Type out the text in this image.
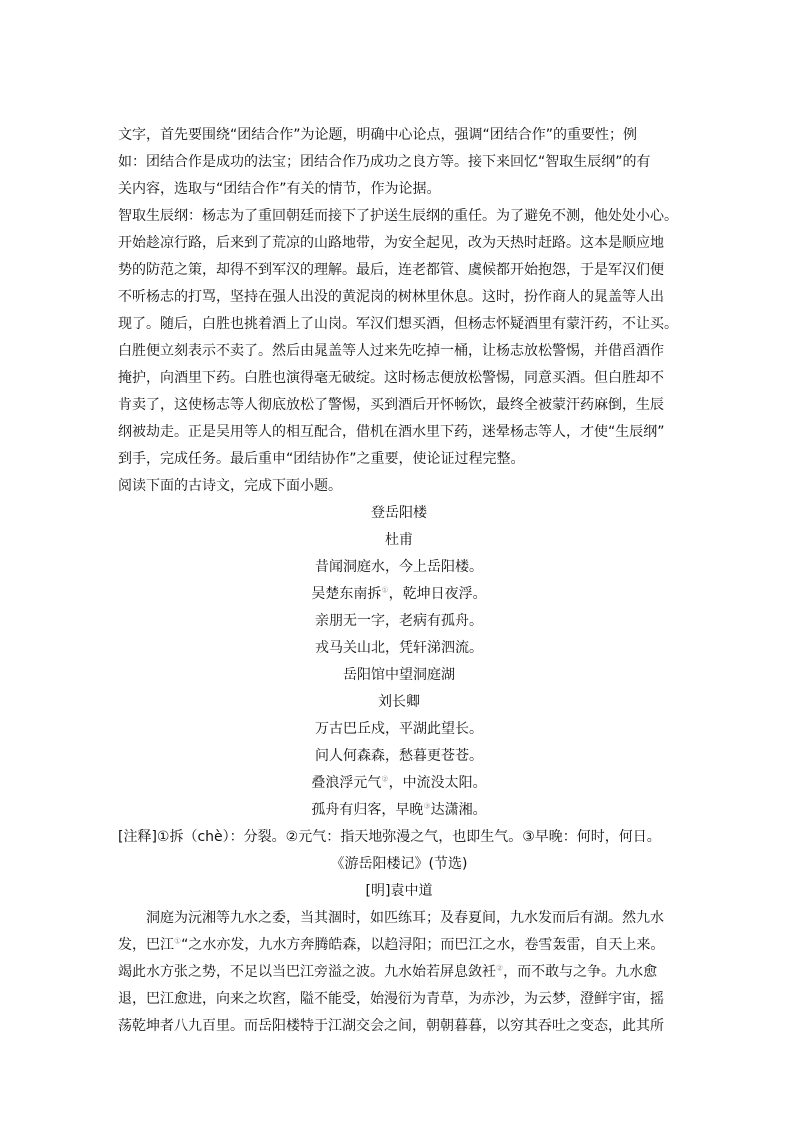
文字，首先要围绕“团结合作”为论题，明确中心论点，强调“团结合作”的重要性；例
如：团结合作是成功的法宝；团结合作乃成功之良方等。接下来回忆“智取生辰纲”的有
关内容，选取与“团结合作”有关的情节，作为论据。
智取生辰纲：杨志为了重回朝廷而接下了护送生辰纲的重任。为了避免不测，他处处小心。
开始趁凉行路，后来到了荒凉的山路地带，为安全起见，改为天热时赶路。这本是顺应地
势的防范之策，却得不到军汉的理解。最后，连老都管、虞候都开始抱怨，于是军汉们便
不听杨志的打骂，坚持在强人出没的黄泥岗的树林里休息。这时，扮作商人的晁盖等人出
现了。随后，白胜也挑着酒上了山岗。军汉们想买酒，但杨志怀疑酒里有蒙汗药，不让买。
白胜便立刻表示不卖了。然后由晁盖等人过来先吃掉一桶，让杨志放松警惕，并借舀酒作
掩护，向酒里下药。白胜也演得毫无破绽。这时杨志便放松警惕，同意买酒。但白胜却不
肯卖了，这使杨志等人彻底放松了警惕，买到酒后开怀畅饮，最终全被蒙汗药麻倒，生辰
纲被劫走。正是吴用等人的相互配合，借机在酒水里下药，迷晕杨志等人，才使“生辰纲”
到手，完成任务。最后重申“团结协作”之重要，使论证过程完整。
阅读下面的古诗文，完成下面小题。
登岳阳楼
杜甫
昔闻洞庭水，今上岳阳楼。
吴楚东南拆①，乾坤日夜浮。
亲朋无一字，老病有孤舟。
戎马关山北，凭轩涕泗流。
岳阳馆中望洞庭湖
刘长卿
万古巴丘戍，平湖此望长。
问人何森森，愁暮更苍苍。
叠浪浮元气②，中流没太阳。
孤舟有归客，早晚③达潇湘。
[注释]①拆（chè）：分裂。②元气：指天地弥漫之气，也即生气。③早晚：何时，何日。
《游岳阳楼记》(节选)
[明]袁中道
洞庭为沅湘等九水之委，当其涸时，如匹练耳；及春夏间，九水发而后有湖。然九水
发，巴江①“之水亦发，九水方奔腾皓森，以趋浔阳；而巴江之水，卷雪轰雷，自天上来。
竭此水方张之势，不足以当巴江旁溢之波。九水始若屏息敛衽②，而不敢与之争。九水愈
退，巴江愈进，向来之坎窞，隘不能受，始漫衍为青草，为赤沙，为云梦，澄鲜宇宙，摇
荡乾坤者八九百里。而岳阳楼特于江湖交会之间，朝朝暮暮，以穷其吞吐之变态，此其所
